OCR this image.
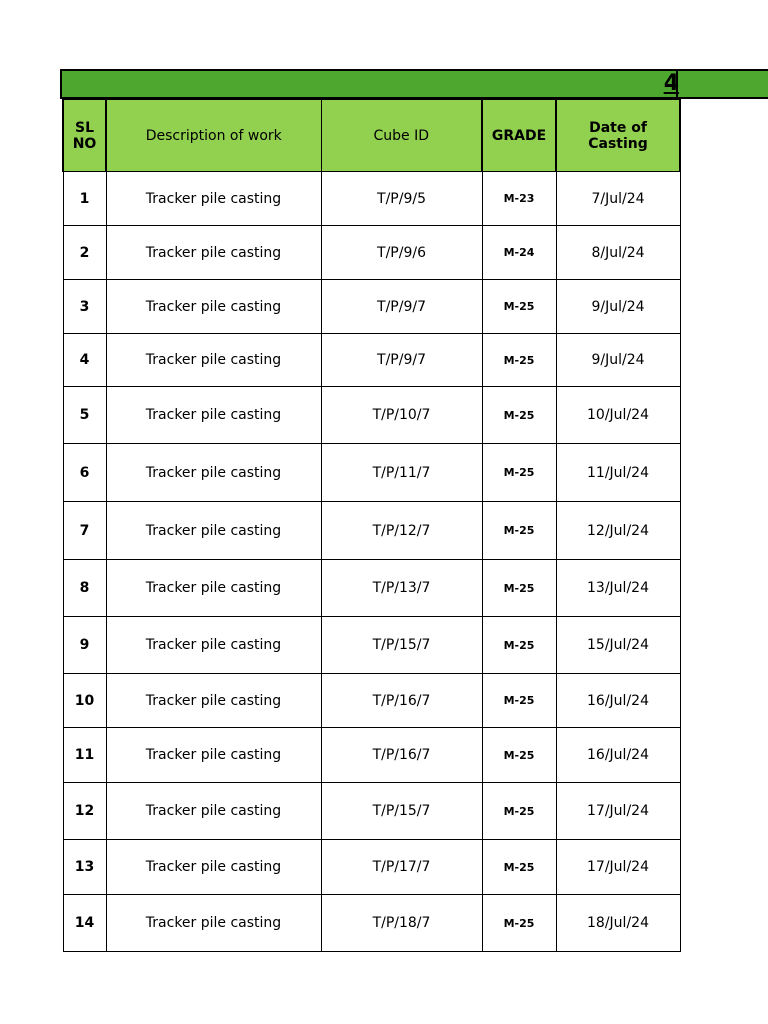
4
SL NO	Description of work	Cube ID	GRADE	Date of Casting
1	Tracker pile casting	T/P/9/5	M-23	7/Jul/24
2	Tracker pile casting	T/P/9/6	M-24	8/Jul/24
3	Tracker pile casting	T/P/9/7	M-25	9/Jul/24
4	Tracker pile casting	T/P/9/7	M-25	9/Jul/24
5	Tracker pile casting	T/P/10/7	M-25	10/Jul/24
6	Tracker pile casting	T/P/11/7	M-25	11/Jul/24
7	Tracker pile casting	T/P/12/7	M-25	12/Jul/24
8	Tracker pile casting	T/P/13/7	M-25	13/Jul/24
9	Tracker pile casting	T/P/15/7	M-25	15/Jul/24
10	Tracker pile casting	T/P/16/7	M-25	16/Jul/24
11	Tracker pile casting	T/P/16/7	M-25	16/Jul/24
12	Tracker pile casting	T/P/15/7	M-25	17/Jul/24
13	Tracker pile casting	T/P/17/7	M-25	17/Jul/24
14	Tracker pile casting	T/P/18/7	M-25	18/Jul/24
